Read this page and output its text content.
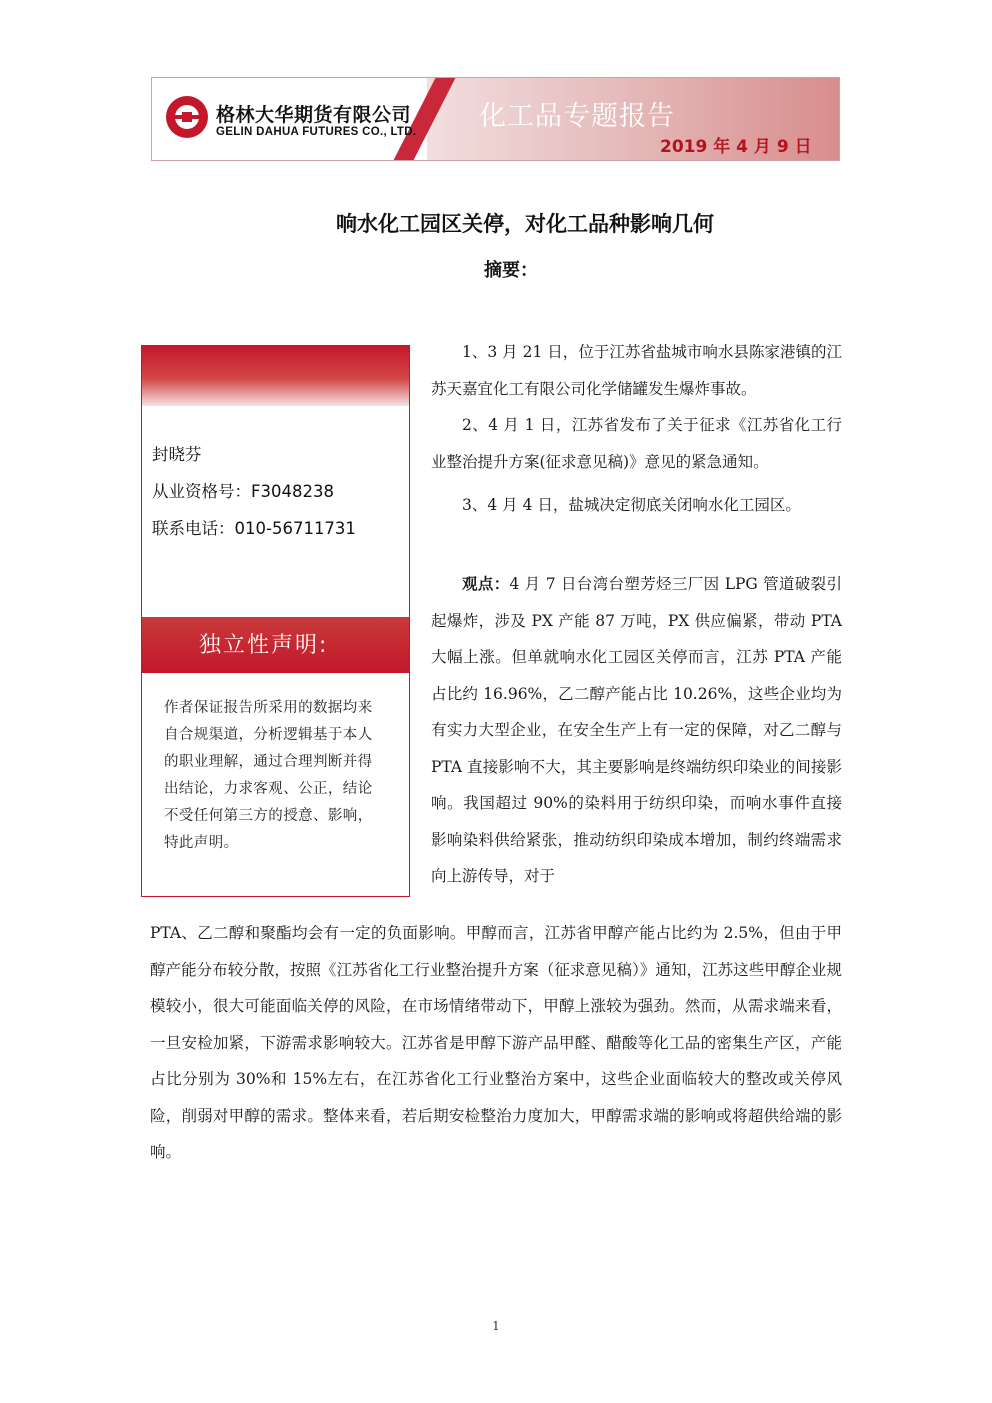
格林大华期货有限公司
GELIN DAHUA FUTURES CO., LTD. 化工品专题报告
2019 年 4 月 9 日
响水化工园区关停，对化工品种影响几何
摘要：
封晓芬
从业资格号：F3048238
联系电话：010-56711731
独立性声明:
作者保证报告所采用的数据均来自合规渠道，分析逻辑基于本人的职业理解，通过合理判断并得出结论，力求客观、公正，结论不受任何第三方的授意、影响，特此声明。

1、3 月 21 日，位于江苏省盐城市响水县陈家港镇的江苏天嘉宜化工有限公司化学储罐发生爆炸事故。

2、4 月 1 日，江苏省发布了关于征求《江苏省化工行业整治提升方案(征求意见稿)》意见的紧急通知。

3、4 月 4 日，盐城决定彻底关闭响水化工园区。

观点：4 月 7 日台湾台塑芳烃三厂因 LPG 管道破裂引起爆炸，涉及 PX 产能 87 万吨，PX 供应偏紧，带动 PTA 大幅上涨。但单就响水化工园区关停而言，江苏 PTA 产能占比约 16.96%，乙二醇产能占比 10.26%，这些企业均为有实力大型企业，在安全生产上有一定的保障，对乙二醇与 PTA 直接影响不大，其主要影响是终端纺织印染业的间接影响。我国超过 90%的染料用于纺织印染，而响水事件直接影响染料供给紧张，推动纺织印染成本增加，制约终端需求向上游传导，对于

PTA、乙二醇和聚酯均会有一定的负面影响。甲醇而言，江苏省甲醇产能占比约为 2.5%，但由于甲醇产能分布较分散，按照《江苏省化工行业整治提升方案（征求意见稿）》通知，江苏这些甲醇企业规模较小，很大可能面临关停的风险，在市场情绪带动下，甲醇上涨较为强劲。然而，从需求端来看，一旦安检加紧，下游需求影响较大。江苏省是甲醇下游产品甲醛、醋酸等化工品的密集生产区，产能占比分别为 30%和 15%左右，在江苏省化工行业整治方案中，这些企业面临较大的整改或关停风险，削弱对甲醇的需求。整体来看，若后期安检整治力度加大，甲醇需求端的影响或将超供给端的影响。

1
